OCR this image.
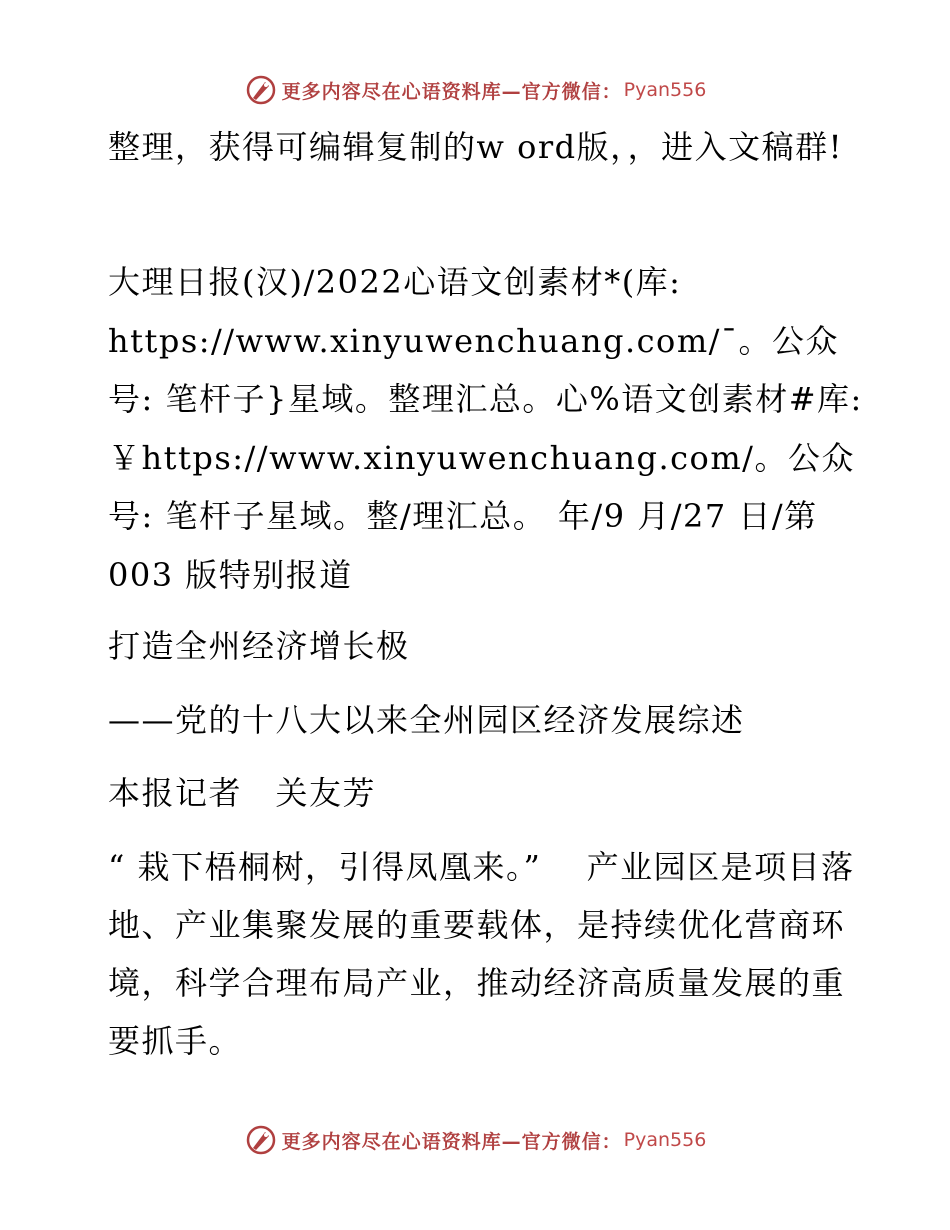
更多内容尽在心语资料库—官方微信： Pyan556

整理，获得可编辑复制的w ord版，，进入文稿群!

大理日报(汉)/2022心语文创素材*(库: https://www.xinyuwenchuang.com/¯。公众号: 笔杆子}星域。整理汇总。心%语文创素材#库: ￥https://www.xinyuwenchuang.com/。公众号: 笔杆子星域。整/理汇总。 年/9 月/27 日/第 003 版特别报道

打造全州经济增长极

——党的十八大以来全州园区经济发展综述

本报记者　关友芳

“ 栽下梧桐树，引得凤凰来。”　 产业园区是项目落地、产业集聚发展的重要载体，是持续优化营商环境，科学合理布局产业，推动经济高质量发展的重要抓手。

更多内容尽在心语资料库—官方微信： Pyan556
